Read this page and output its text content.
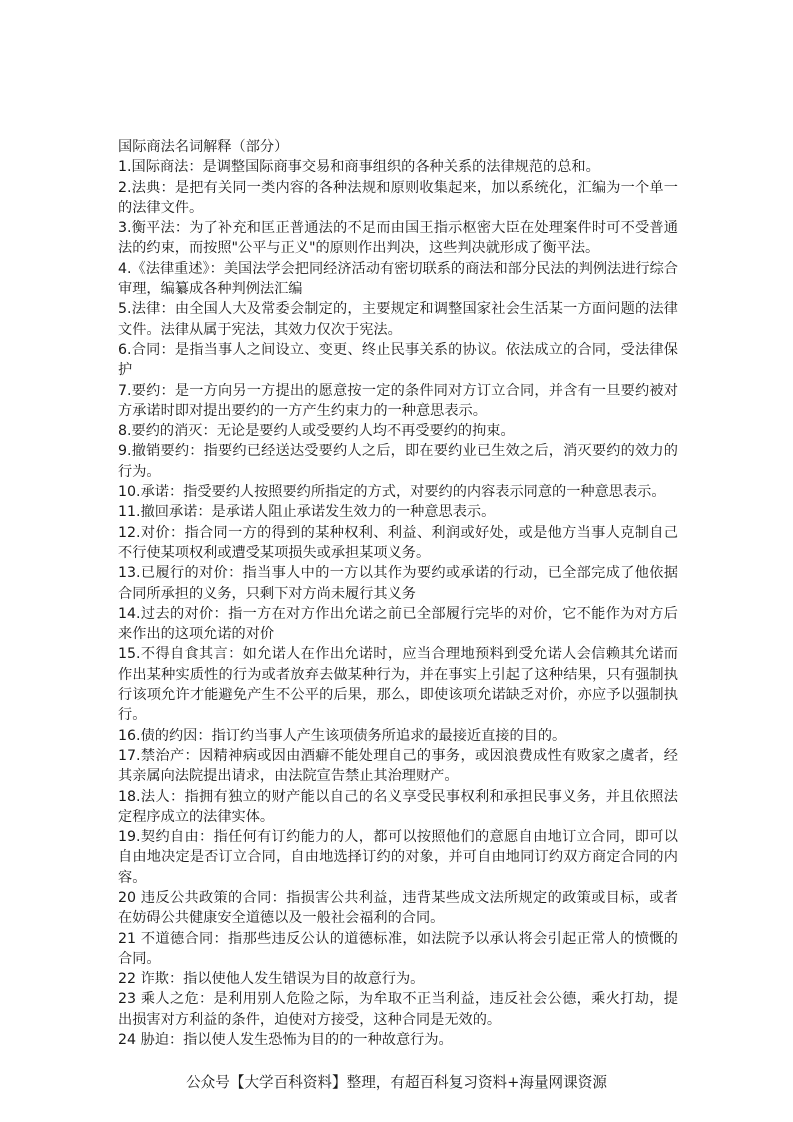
国际商法名词解释（部分）

1.国际商法：是调整国际商事交易和商事组织的各种关系的法律规范的总和。

2.法典：是把有关同一类内容的各种法规和原则收集起来，加以系统化，汇编为一个单一的法律文件。

3.衡平法：为了补充和匡正普通法的不足而由国王指示枢密大臣在处理案件时可不受普通法的约束，而按照"公平与正义"的原则作出判决，这些判决就形成了衡平法。

4.《法律重述》：美国法学会把同经济活动有密切联系的商法和部分民法的判例法进行综合审理，编纂成各种判例法汇编

5.法律：由全国人大及常委会制定的，主要规定和调整国家社会生活某一方面问题的法律文件。法律从属于宪法，其效力仅次于宪法。

6.合同：是指当事人之间设立、变更、终止民事关系的协议。依法成立的合同，受法律保护

7.要约：是一方向另一方提出的愿意按一定的条件同对方订立合同，并含有一旦要约被对方承诺时即对提出要约的一方产生约束力的一种意思表示。

8.要约的消灭：无论是要约人或受要约人均不再受要约的拘束。

9.撤销要约：指要约已经送达受要约人之后，即在要约业已生效之后，消灭要约的效力的行为。

10.承诺：指受要约人按照要约所指定的方式，对要约的内容表示同意的一种意思表示。

11.撤回承诺：是承诺人阻止承诺发生效力的一种意思表示。

12.对价：指合同一方的得到的某种权利、利益、利润或好处，或是他方当事人克制自己不行使某项权利或遭受某项损失或承担某项义务。

13.已履行的对价：指当事人中的一方以其作为要约或承诺的行动，已全部完成了他依据合同所承担的义务，只剩下对方尚未履行其义务

14.过去的对价：指一方在对方作出允诺之前已全部履行完毕的对价，它不能作为对方后来作出的这项允诺的对价

15.不得自食其言：如允诺人在作出允诺时，应当合理地预料到受允诺人会信赖其允诺而作出某种实质性的行为或者放弃去做某种行为，并在事实上引起了这种结果，只有强制执行该项允许才能避免产生不公平的后果，那么，即使该项允诺缺乏对价，亦应予以强制执行。

16.债的约因：指订约当事人产生该项债务所追求的最接近直接的目的。

17.禁治产：因精神病或因由酒癖不能处理自己的事务，或因浪费成性有败家之虞者，经其亲属向法院提出请求，由法院宣告禁止其治理财产。

18.法人：指拥有独立的财产能以自己的名义享受民事权利和承担民事义务，并且依照法定程序成立的法律实体。

19.契约自由：指任何有订约能力的人，都可以按照他们的意愿自由地订立合同，即可以自由地决定是否订立合同，自由地选择订约的对象，并可自由地同订约双方商定合同的内容。

20 违反公共政策的合同：指损害公共利益，违背某些成文法所规定的政策或目标，或者在妨碍公共健康安全道德以及一般社会福利的合同。

21 不道德合同：指那些违反公认的道德标准，如法院予以承认将会引起正常人的愤慨的合同。

22 诈欺：指以使他人发生错误为目的故意行为。

23 乘人之危：是利用别人危险之际，为牟取不正当利益，违反社会公德，乘火打劫，提出损害对方利益的条件，迫使对方接受，这种合同是无效的。

24 胁迫：指以使人发生恐怖为目的的一种故意行为。

公众号【大学百科资料】整理，有超百科复习资料+海量网课资源
